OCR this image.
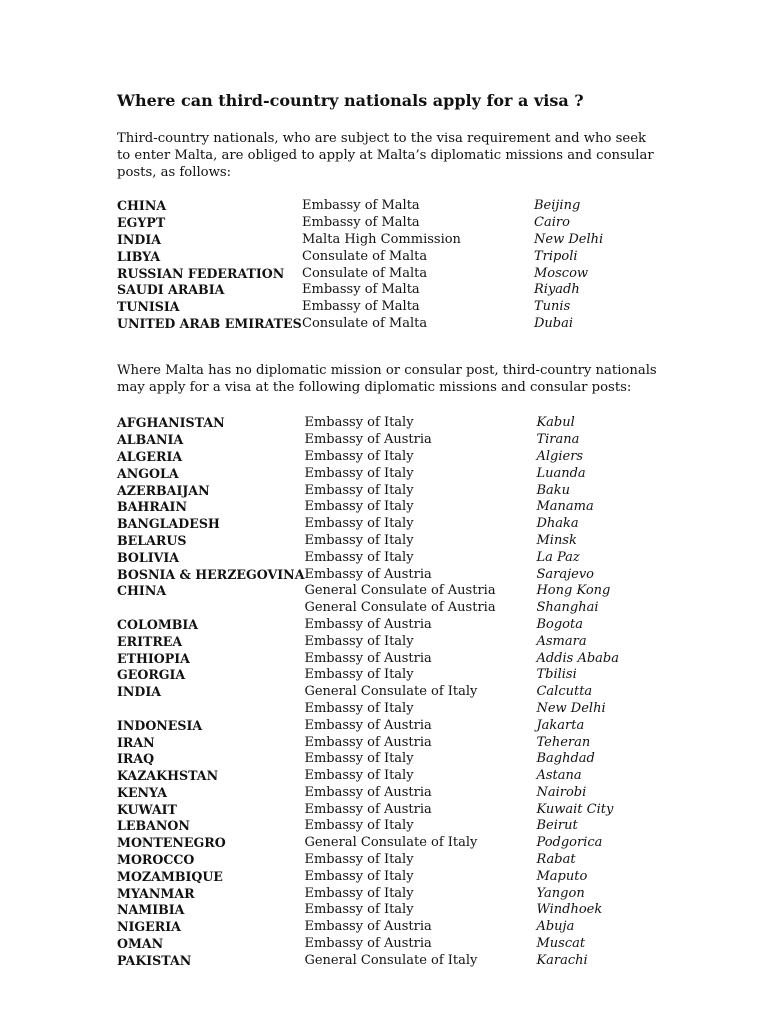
Where can third-country nationals apply for a visa ?

Third-country nationals, who are subject to the visa requirement and who seek to enter Malta, are obliged to apply at Malta’s diplomatic missions and consular posts, as follows:

CHINA	Embassy of Malta	Beijing
EGYPT	Embassy of Malta	Cairo
INDIA	Malta High Commission	New Delhi
LIBYA	Consulate of Malta	Tripoli
RUSSIAN FEDERATION	Consulate of Malta	Moscow
SAUDI ARABIA	Embassy of Malta	Riyadh
TUNISIA	Embassy of Malta	Tunis
UNITED ARAB EMIRATES	Consulate of Malta	Dubai

Where Malta has no diplomatic mission or consular post, third-country nationals may apply for a visa at the following diplomatic missions and consular posts:

AFGHANISTAN	Embassy of Italy	Kabul
ALBANIA	Embassy of Austria	Tirana
ALGERIA	Embassy of Italy	Algiers
ANGOLA	Embassy of Italy	Luanda
AZERBAIJAN	Embassy of Italy	Baku
BAHRAIN	Embassy of Italy	Manama
BANGLADESH	Embassy of Italy	Dhaka
BELARUS	Embassy of Italy	Minsk
BOLIVIA	Embassy of Italy	La Paz
BOSNIA & HERZEGOVINA	Embassy of Austria	Sarajevo
CHINA	General Consulate of Austria	Hong Kong
	General Consulate of Austria	Shanghai
COLOMBIA	Embassy of Austria	Bogota
ERITREA	Embassy of Italy	Asmara
ETHIOPIA	Embassy of Austria	Addis Ababa
GEORGIA	Embassy of Italy	Tbilisi
INDIA	General Consulate of Italy	Calcutta
	Embassy of Italy	New Delhi
INDONESIA	Embassy of Austria	Jakarta
IRAN	Embassy of Austria	Teheran
IRAQ	Embassy of Italy	Baghdad
KAZAKHSTAN	Embassy of Italy	Astana
KENYA	Embassy of Austria	Nairobi
KUWAIT	Embassy of Austria	Kuwait City
LEBANON	Embassy of Italy	Beirut
MONTENEGRO	General Consulate of Italy	Podgorica
MOROCCO	Embassy of Italy	Rabat
MOZAMBIQUE	Embassy of Italy	Maputo
MYANMAR	Embassy of Italy	Yangon
NAMIBIA	Embassy of Italy	Windhoek
NIGERIA	Embassy of Austria	Abuja
OMAN	Embassy of Austria	Muscat
PAKISTAN	General Consulate of Italy	Karachi
